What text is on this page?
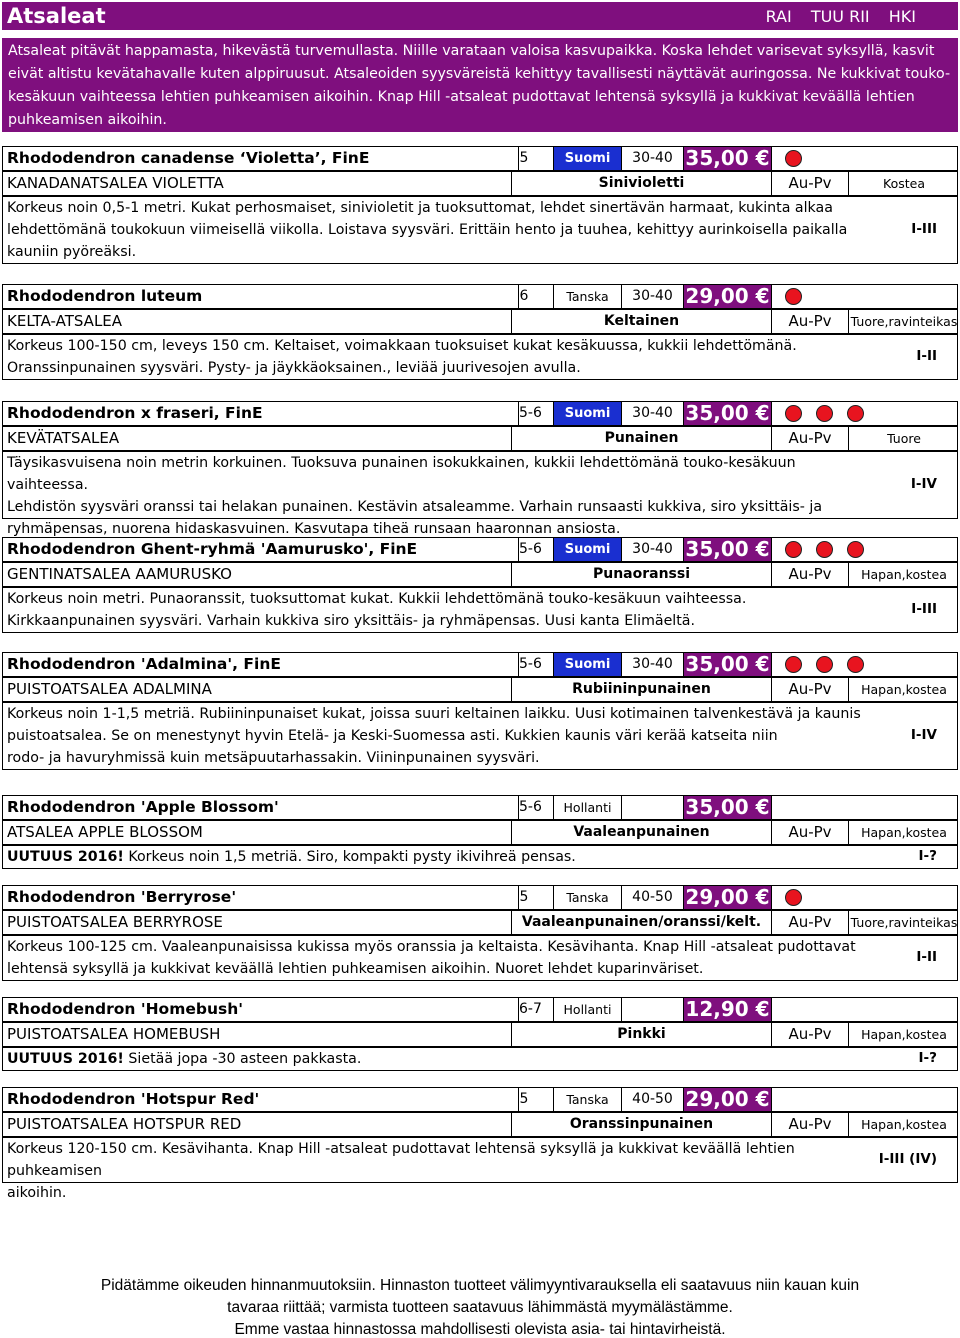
Atsaleat	RAI TUU RII HKI
Atsaleat pitävät happamasta, hikevästä turvemullasta. Niille varataan valoisa kasvupaikka. Koska lehdet varisevat syksyllä, kasvit eivät altistu kevätahavalle kuten alppiruusut. Atsaleoiden syysväreistä kehittyy tavallisesti näyttävät auringossa. Ne kukkivat touko-kesäkuun vaihteessa lehtien puhkeamisen aikoihin. Knap Hill -atsaleat pudottavat lehtensä syksyllä ja kukkivat keväällä lehtien puhkeamisen aikoihin.
Rhododendron canadense ‘Violetta’, FinE	5	Suomi	30-40 35,00 €
KANADANATSALEA VIOLETTA	Sinivioletti	Au-Pv	Kostea
Korkeus noin 0,5-1 metri. Kukat perhosmaiset, sinivioletit ja tuoksuttomat, lehdet sinertävän harmaat, kukinta alkaa
lehdettömänä toukokuun viimeisellä viikolla. Loistava syysväri. Erittäin hento ja tuuhea, kehittyy aurinkoisella paikalla
kauniin pyöreäksi.
I-III
Rhododendron luteum	6	Tanska	30-40 29,00 €
KELTA-ATSALEA	Keltainen	Au-Pv	Tuore,ravinteikas
Korkeus 100-150 cm, leveys 150 cm. Keltaiset, voimakkaan tuoksuiset kukat kesäkuussa, kukkii lehdettömänä.
Oranssinpunainen syysväri. Pysty- ja jäykkäoksainen., leviää juurivesojen avulla.
I-II
Rhododendron x fraseri, FinE	5-6	Suomi	30-40 35,00 €
KEVÄTATSALEA	Punainen	Au-Pv	Tuore
Täysikasvuisena noin metrin korkuinen. Tuoksuva punainen isokukkainen, kukkii lehdettömänä touko-kesäkuun vaihteessa.
Lehdistön syysväri oranssi tai helakan punainen. Kestävin atsaleamme. Varhain runsaasti kukkiva, siro yksittäis- ja
ryhmäpensas, nuorena hidaskasvuinen. Kasvutapa tiheä runsaan haaronnan ansiosta.
I-IV
Rhododendron Ghent-ryhmä 'Aamurusko', FinE	5-6	Suomi	30-40 35,00 €
GENTINATSALEA AAMURUSKO	Punaoranssi	Au-Pv	Hapan,kostea
Korkeus noin metri. Punaoranssit, tuoksuttomat kukat. Kukkii lehdettömänä touko-kesäkuun vaihteessa.
Kirkkaanpunainen syysväri. Varhain kukkiva siro yksittäis- ja ryhmäpensas. Uusi kanta Elimäeltä.
I-III
Rhododendron 'Adalmina', FinE	5-6	Suomi	30-40 35,00 €
PUISTOATSALEA ADALMINA	Rubiininpunainen	Au-Pv	Hapan,kostea
Korkeus noin 1-1,5 metriä. Rubiininpunaiset kukat, joissa suuri keltainen laikku. Uusi kotimainen talvenkestävä ja kaunis
puistoatsalea. Se on menestynyt hyvin Etelä- ja Keski-Suomessa asti. Kukkien kaunis väri kerää katseita niin
rodo- ja havuryhmissä kuin metsäpuutarhassakin. Viininpunainen syysväri.
I-IV
Rhododendron 'Apple Blossom'	5-6	Hollanti	35,00 €
ATSALEA APPLE BLOSSOM	Vaaleanpunainen	Au-Pv	Hapan,kostea
UUTUUS 2016! Korkeus noin 1,5 metriä. Siro, kompakti pysty ikivihreä pensas.	I-?
Rhododendron 'Berryrose'	5	Tanska	40-50 29,00 €
PUISTOATSALEA BERRYROSE	Vaaleanpunainen/oranssi/kelt.	Au-Pv	Tuore,ravinteikas
Korkeus 100-125 cm. Vaaleanpunaisissa kukissa myös oranssia ja keltaista. Kesävihanta. Knap Hill -atsaleat pudottavat
lehtensä syksyllä ja kukkivat keväällä lehtien puhkeamisen aikoihin. Nuoret lehdet kuparinväriset.
I-II
Rhododendron 'Homebush'	6-7	Hollanti	12,90 €
PUISTOATSALEA HOMEBUSH	Pinkki	Au-Pv	Hapan,kostea
UUTUUS 2016! Sietää jopa -30 asteen pakkasta.	I-?
Rhododendron 'Hotspur Red'	5	Tanska	40-50 29,00 €
PUISTOATSALEA HOTSPUR RED	Oranssinpunainen	Au-Pv	Hapan,kostea
Korkeus 120-150 cm. Kesävihanta. Knap Hill -atsaleat pudottavat lehtensä syksyllä ja kukkivat keväällä lehtien puhkeamisen
aikoihin.
I-III (IV)
Pidätämme oikeuden hinnanmuutoksiin. Hinnaston tuotteet välimyyntivarauksella eli saatavuus niin kauan kuin
tavaraa riittää; varmista tuotteen saatavuus lähimmästä myymälästämme.
Emme vastaa hinnastossa mahdollisesti olevista asia- tai hintavirheistä.
